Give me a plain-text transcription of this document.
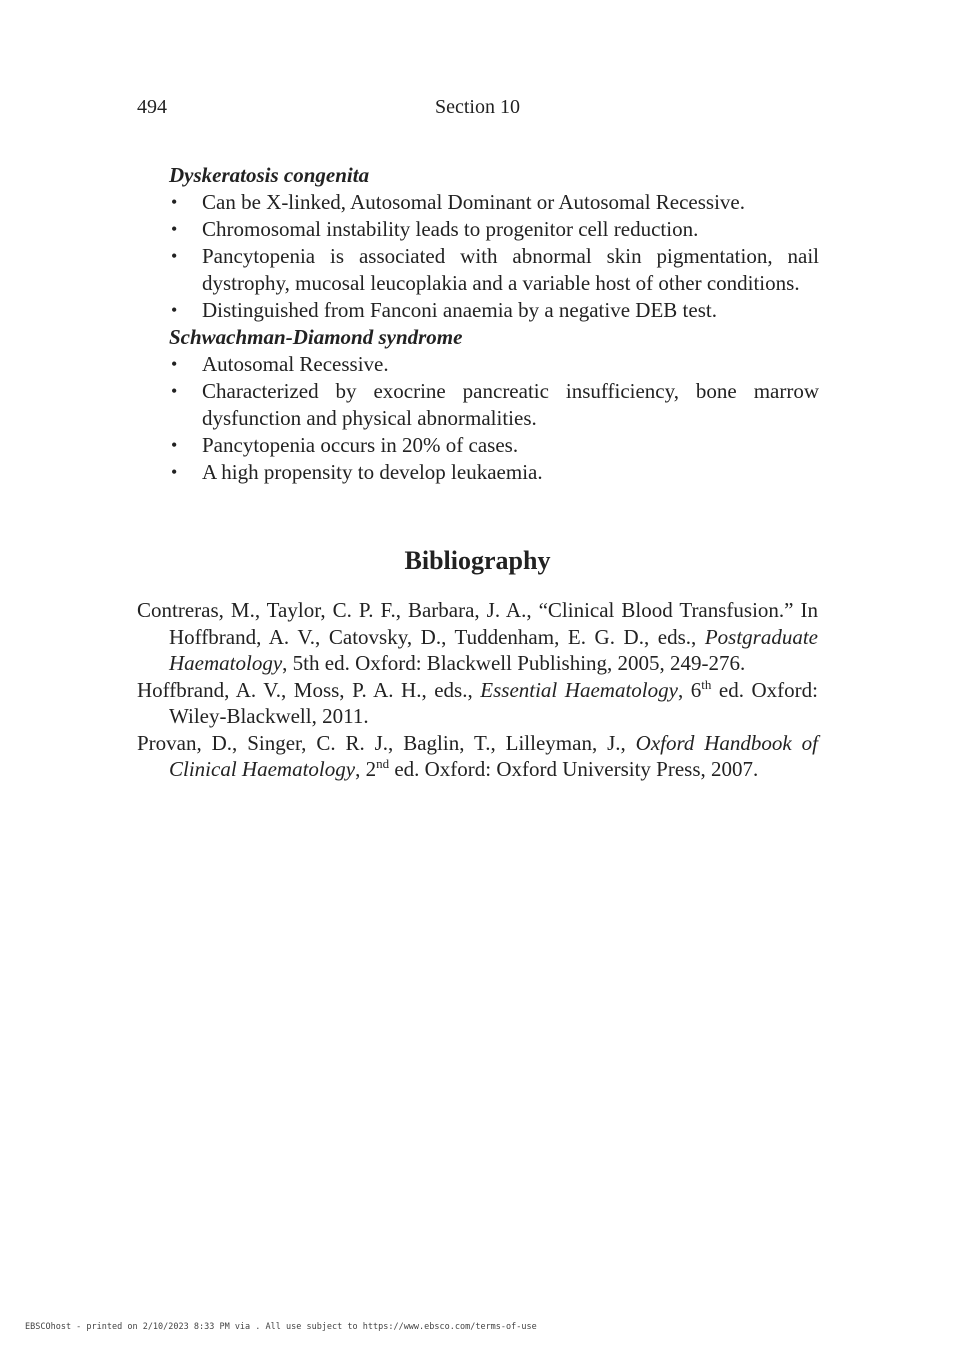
494	Section 10

Dyskeratosis congenita

• Can be X-linked, Autosomal Dominant or Autosomal Recessive.
• Chromosomal instability leads to progenitor cell reduction.
• Pancytopenia is associated with abnormal skin pigmentation, nail dystrophy, mucosal leucoplakia and a variable host of other conditions.
• Distinguished from Fanconi anaemia by a negative DEB test.

Schwachman-Diamond syndrome

• Autosomal Recessive.
• Characterized by exocrine pancreatic insufficiency, bone marrow dysfunction and physical abnormalities.
• Pancytopenia occurs in 20% of cases.
• A high propensity to develop leukaemia.
Bibliography
Contreras, M., Taylor, C. P. F., Barbara, J. A., “Clinical Blood Transfusion.” In Hoffbrand, A. V., Catovsky, D., Tuddenham, E. G. D., eds., Postgraduate Haematology, 5th ed. Oxford: Blackwell Publishing, 2005, 249-276.
Hoffbrand, A. V., Moss, P. A. H., eds., Essential Haematology, 6th ed. Oxford: Wiley-Blackwell, 2011.
Provan, D., Singer, C. R. J., Baglin, T., Lilleyman, J., Oxford Handbook of Clinical Haematology, 2nd ed. Oxford: Oxford University Press, 2007.
EBSCOhost - printed on 2/10/2023 8:33 PM via . All use subject to https://www.ebsco.com/terms-of-use
